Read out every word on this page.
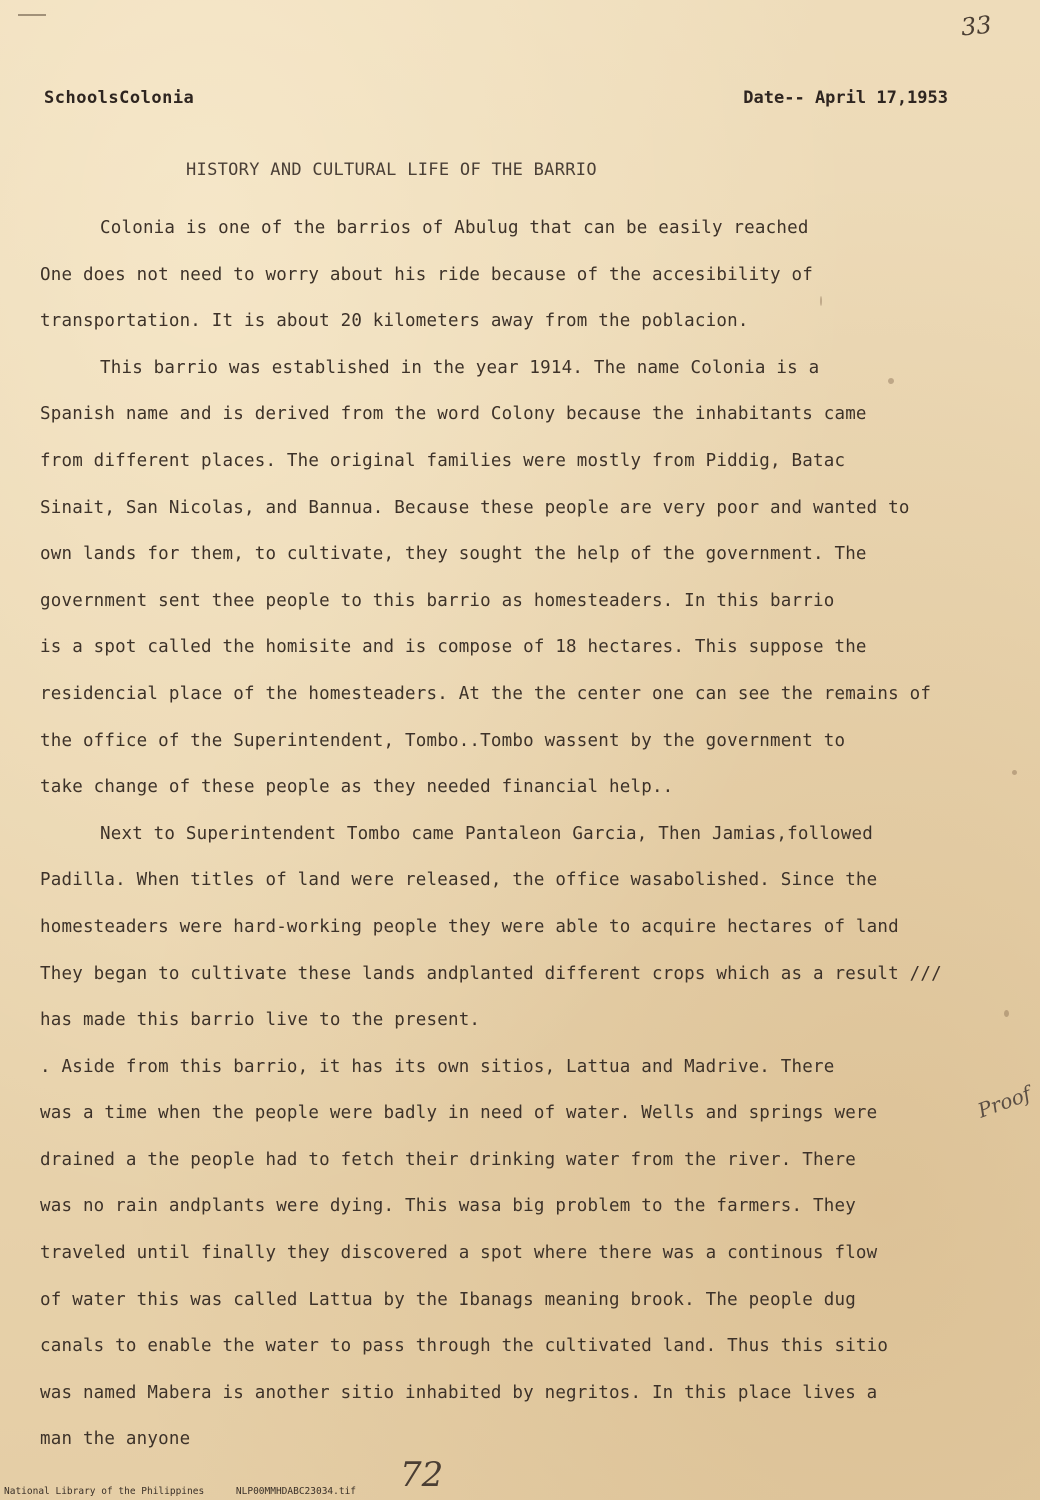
33
SchoolsColonia	Date-- April 17,1953
HISTORY AND CULTURAL LIFE OF THE BARRIO
Colonia is one of the barrios of Abulug that can be easily reached
One does not need to worry about his ride because of the accesibility of
transportation. It is about 20 kilometers away from the poblacion.
This barrio was established in the year 1914. The name Colonia is a
Spanish name and is derived from the word Colony because the inhabitants came
from different places. The original families were mostly from Piddig, Batac
Sinait, San Nicolas, and Bannua. Because these people are very poor and wanted to
own lands for them, to cultivate, they sought the help of the government. The
government sent thee people to this barrio as homesteaders. In this barrio
is a spot called the homisite and is compose of 18 hectares. This suppose the
residencial place of the homesteaders. At the the center one can see the remains of
the office of the Superintendent, Tombo..Tombo wassent by the government to
take change of these people as they needed financial help..
Next to Superintendent Tombo came Pantaleon Garcia, Then Jamias,followed
Padilla. When titles of land were released, the office wasabolished. Since the
homesteaders were hard-working people they were able to acquire hectares of land
They began to cultivate these lands andplanted different crops which as a result ///
has made this barrio live to the present.
. Aside from this barrio, it has its own sitios, Lattua and Madrive. There
was a time when the people were badly in need of water. Wells and springs were
drained a the people had to fetch their drinking water from the river. There
was no rain andplants were dying. This wasa big problem to the farmers. They
traveled until finally they discovered a spot where there was a continous flow
of water this was called Lattua by the Ibanags meaning brook. The people dug
canals to enable the water to pass through the cultivated land. Thus this sitio
was named Mabera is another sitio inhabited by negritos. In this place lives a
man the anyone
Proof
72
National Library of the Philippines	NLP00MMHDABC23034.tif
